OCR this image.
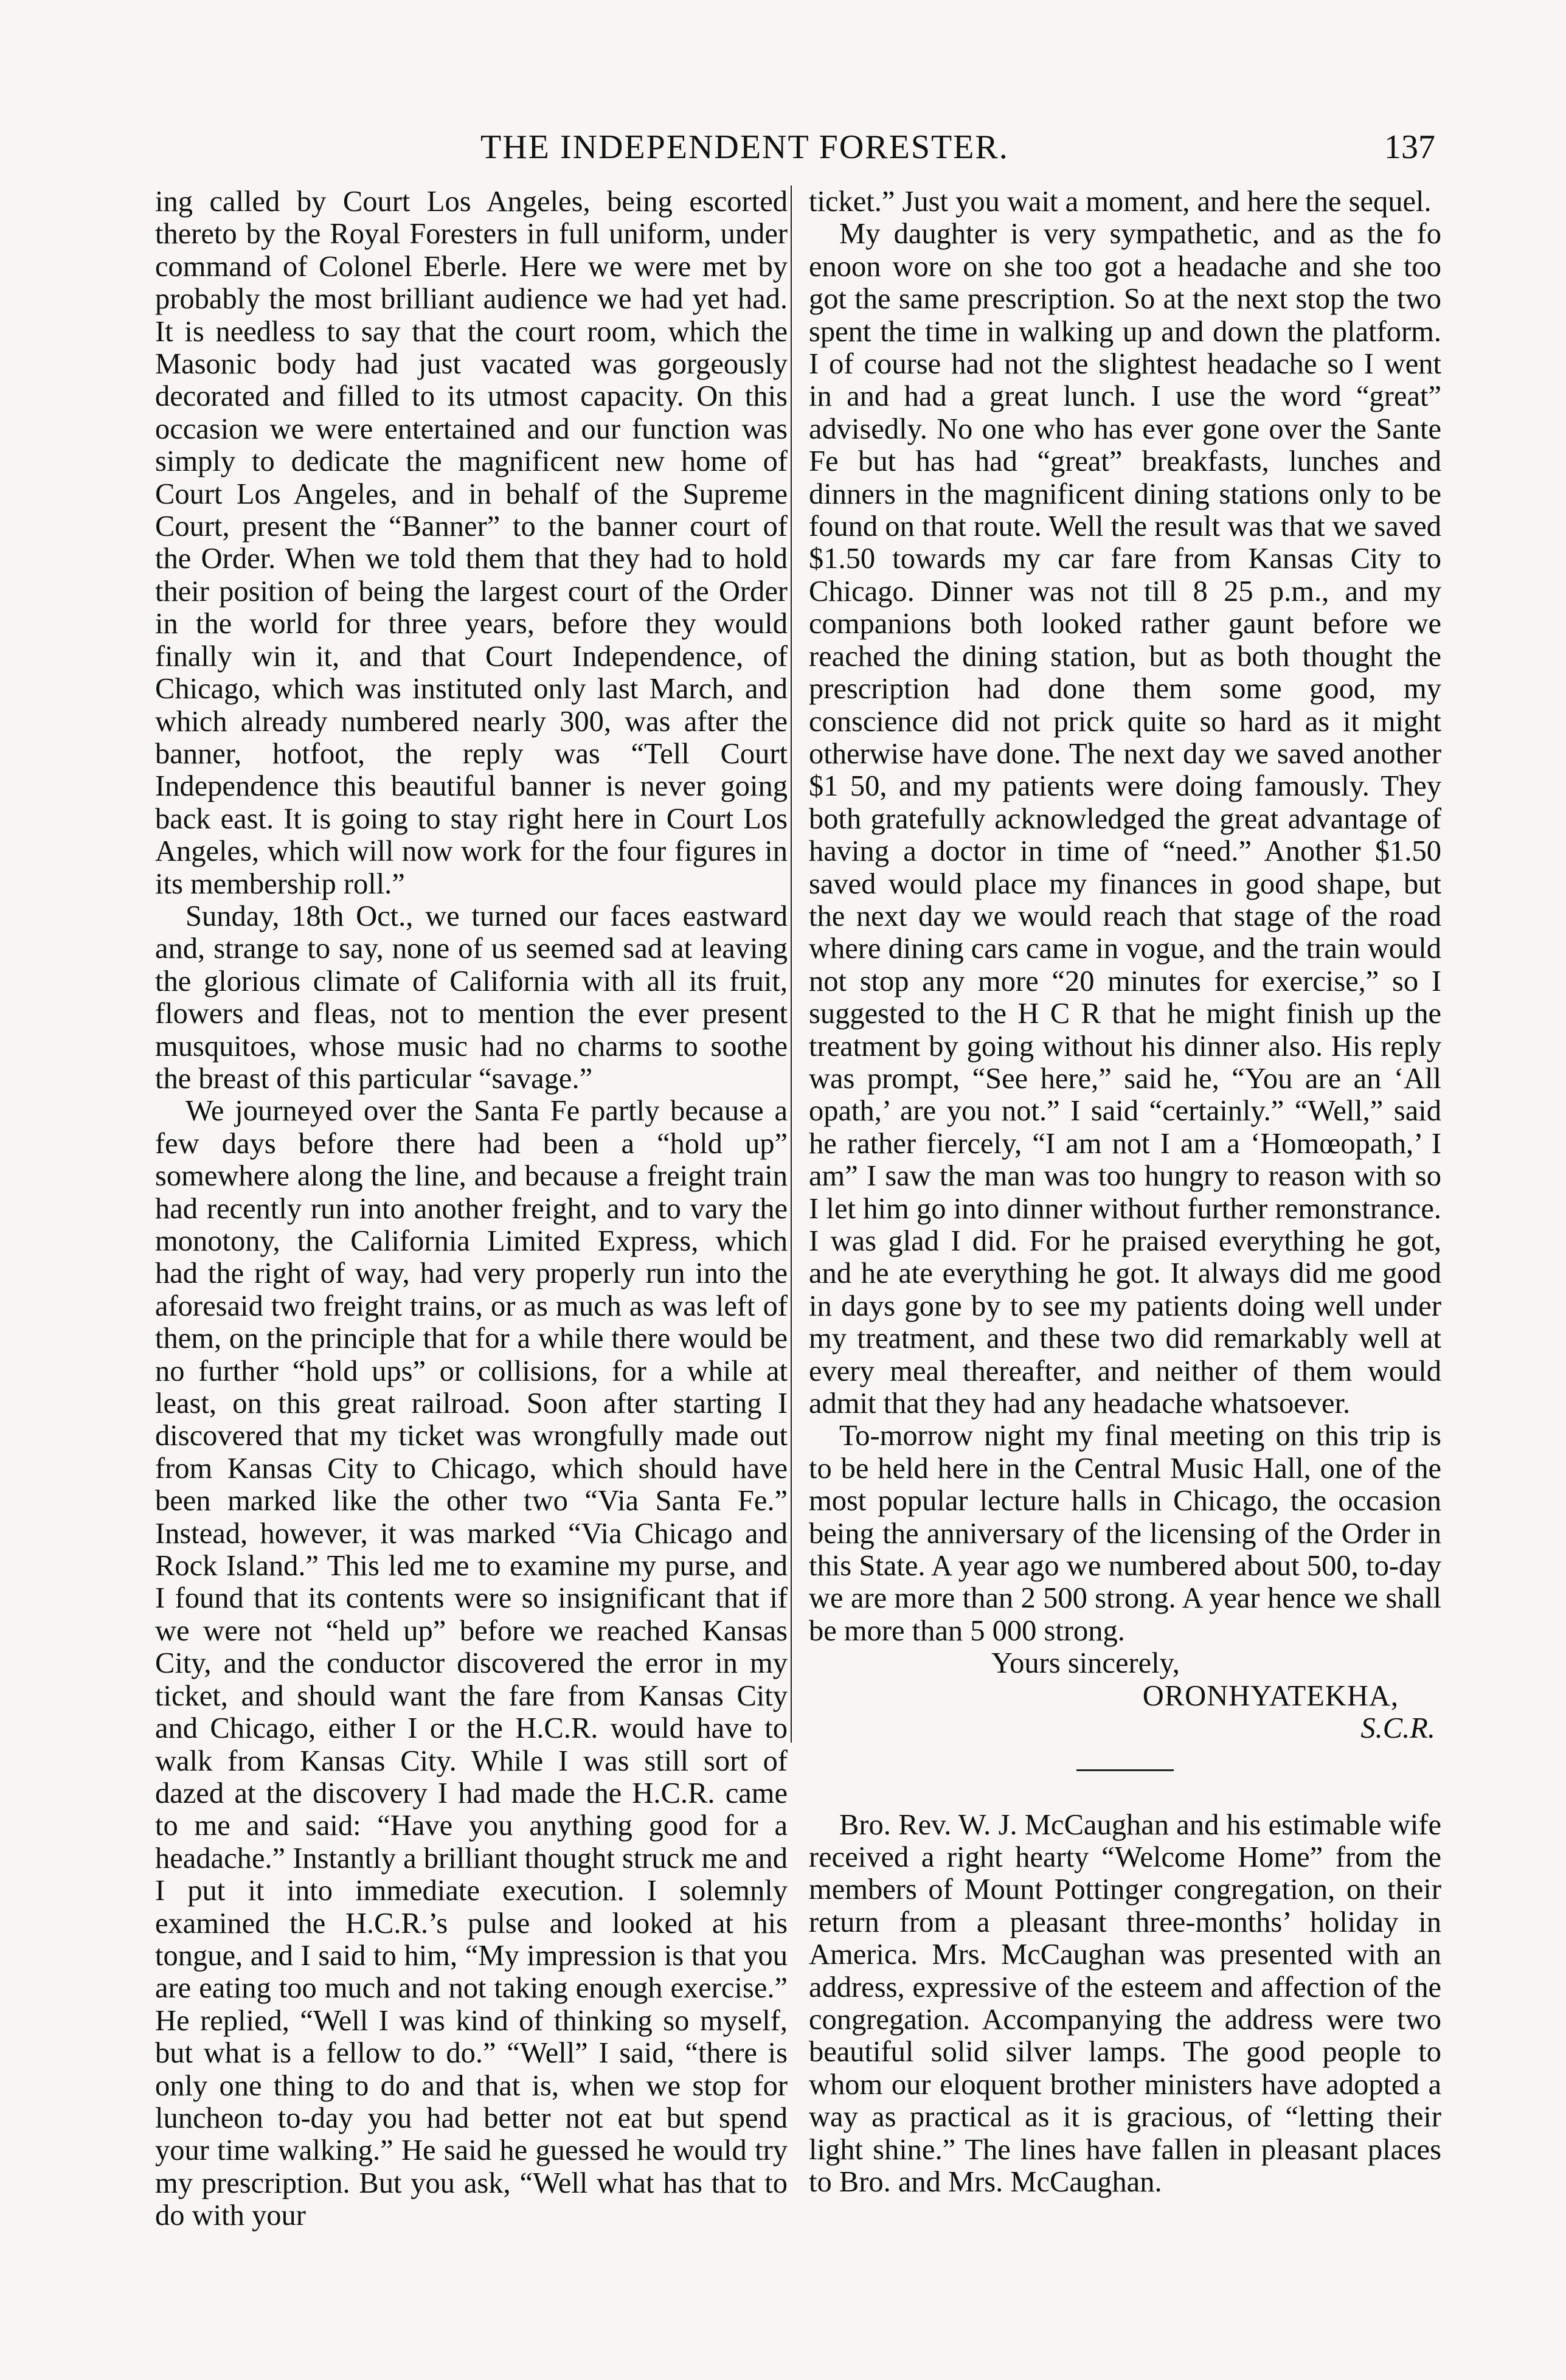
THE INDEPENDENT FORESTER.	137

ing called by Court Los Angeles, being escorted thereto by the Royal Foresters in full uniform, under command of Colonel Eberle. Here we were met by probably the most brilliant audience we had yet had. It is needless to say that the court room, which the Masonic body had just vacated was gorgeously decorated and filled to its utmost capacity. On this occasion we were entertained and our function was simply to dedicate the magnificent new home of Court Los Angeles, and in behalf of the Supreme Court, present the “Banner” to the banner court of the Order. When we told them that they had to hold their position of being the largest court of the Order in the world for three years, before they would finally win it, and that Court Independence, of Chicago, which was instituted only last March, and which already numbered nearly 300, was after the banner, hotfoot, the reply was “Tell Court Independence this beautiful banner is never going back east. It is going to stay right here in Court Los Angeles, which will now work for the four figures in its membership roll.”

Sunday, 18th Oct., we turned our faces eastward and, strange to say, none of us seemed sad at leaving the glorious climate of California with all its fruit, flowers and fleas, not to mention the ever present musquitoes, whose music had no charms to soothe the breast of this particular “savage.”

We journeyed over the Santa Fe partly because a few days before there had been a “hold up” somewhere along the line, and because a freight train had recently run into another freight, and to vary the monotony, the California Limited Express, which had the right of way, had very properly run into the aforesaid two freight trains, or as much as was left of them, on the principle that for a while there would be no further “hold ups” or collisions, for a while at least, on this great railroad. Soon after starting I discovered that my ticket was wrongfully made out from Kansas City to Chicago, which should have been marked like the other two “Via Santa Fe.” Instead, however, it was marked “Via Chicago and Rock Island.” This led me to examine my purse, and I found that its contents were so insignificant that if we were not “held up” before we reached Kansas City, and the conductor discovered the error in my ticket, and should want the fare from Kansas City and Chicago, either I or the H.C.R. would have to walk from Kansas City. While I was still sort of dazed at the discovery I had made the H.C.R. came to me and said: “Have you anything good for a headache.” Instantly a brilliant thought struck me and I put it into immediate execution. I solemnly examined the H.C.R.’s pulse and looked at his tongue, and I said to him, “My impression is that you are eating too much and not taking enough exercise.” He replied, “Well I was kind of thinking so myself, but what is a fellow to do.” “Well” I said, “there is only one thing to do and that is, when we stop for luncheon to-day you had better not eat but spend your time walking.” He said he guessed he would try my prescription. But you ask, “Well what has that to do with your

ticket.” Just you wait a moment, and here the sequel.

My daughter is very sympathetic, and as the fo enoon wore on she too got a headache and she too got the same prescription. So at the next stop the two spent the time in walking up and down the platform. I of course had not the slightest headache so I went in and had a great lunch. I use the word “great” advisedly. No one who has ever gone over the Sante Fe but has had “great” breakfasts, lunches and dinners in the magnificent dining stations only to be found on that route. Well the result was that we saved $1.50 towards my car fare from Kansas City to Chicago. Dinner was not till 8 25 p.m., and my companions both looked rather gaunt before we reached the dining station, but as both thought the prescription had done them some good, my conscience did not prick quite so hard as it might otherwise have done. The next day we saved another $1 50, and my patients were doing famously. They both gratefully acknowledged the great advantage of having a doctor in time of “need.” Another $1.50 saved would place my finances in good shape, but the next day we would reach that stage of the road where dining cars came in vogue, and the train would not stop any more “20 minutes for exercise,” so I suggested to the H C R that he might finish up the treatment by going without his dinner also. His reply was prompt, “See here,” said he, “You are an ‘All opath,’ are you not.” I said “certainly.” “Well,” said he rather fiercely, “I am not I am a ‘Homœopath,’ I am” I saw the man was too hungry to reason with so I let him go into dinner without further remonstrance. I was glad I did. For he praised everything he got, and he ate everything he got. It always did me good in days gone by to see my patients doing well under my treatment, and these two did remarkably well at every meal thereafter, and neither of them would admit that they had any headache whatsoever.

To-morrow night my final meeting on this trip is to be held here in the Central Music Hall, one of the most popular lecture halls in Chicago, the occasion being the anniversary of the licensing of the Order in this State. A year ago we numbered about 500, to-day we are more than 2 500 strong. A year hence we shall be more than 5 000 strong.

Yours sincerely,

ORONHYATEKHA,

S.C.R.

Bro. Rev. W. J. McCaughan and his estimable wife received a right hearty “Welcome Home” from the members of Mount Pottinger congregation, on their return from a pleasant three-months’ holiday in America. Mrs. McCaughan was presented with an address, expressive of the esteem and affection of the congregation. Accompanying the address were two beautiful solid silver lamps. The good people to whom our eloquent brother ministers have adopted a way as practical as it is gracious, of “letting their light shine.” The lines have fallen in pleasant places to Bro. and Mrs. McCaughan.
